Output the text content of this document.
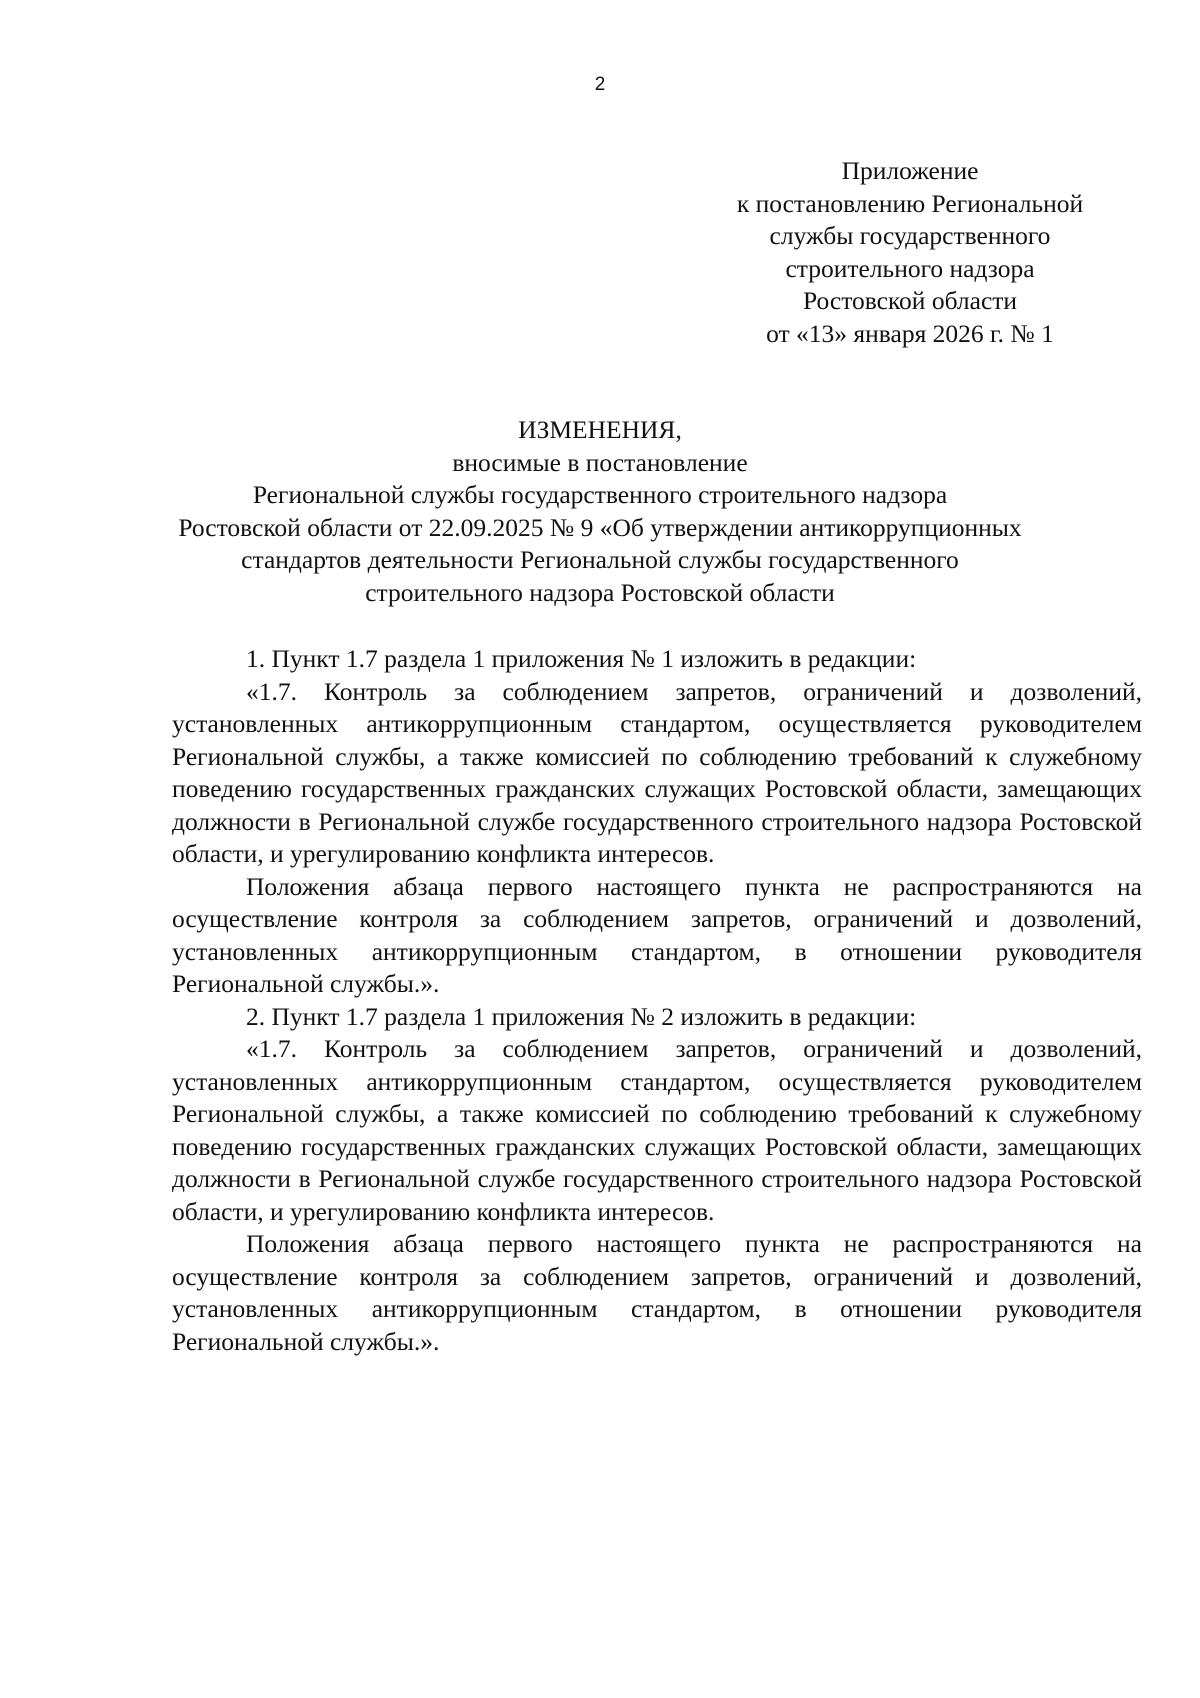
2
Приложение
к постановлению Региональной
службы государственного
строительного надзора
Ростовской области
от «13» января 2026 г. № 1
ИЗМЕНЕНИЯ,
вносимые в постановление
Региональной службы государственного строительного надзора
Ростовской области от 22.09.2025 № 9 «Об утверждении антикоррупционных
стандартов деятельности Региональной службы государственного
строительного надзора Ростовской области

1. Пункт 1.7 раздела 1 приложения № 1 изложить в редакции:

«1.7. Контроль за соблюдением запретов, ограничений и дозволений, установленных антикоррупционным стандартом, осуществляется руководителем Региональной службы, а также комиссией по соблюдению требований к служебному поведению государственных гражданских служащих Ростовской области, замещающих должности в Региональной службе государственного строительного надзора Ростовской области, и урегулированию конфликта интересов.

Положения абзаца первого настоящего пункта не распространяются на осуществление контроля за соблюдением запретов, ограничений и дозволений, установленных антикоррупционным стандартом, в отношении руководителя Региональной службы.».

2. Пункт 1.7 раздела 1 приложения № 2 изложить в редакции:

«1.7. Контроль за соблюдением запретов, ограничений и дозволений, установленных антикоррупционным стандартом, осуществляется руководителем Региональной службы, а также комиссией по соблюдению требований к служебному поведению государственных гражданских служащих Ростовской области, замещающих должности в Региональной службе государственного строительного надзора Ростовской области, и урегулированию конфликта интересов.

Положения абзаца первого настоящего пункта не распространяются на осуществление контроля за соблюдением запретов, ограничений и дозволений, установленных антикоррупционным стандартом, в отношении руководителя Региональной службы.».
